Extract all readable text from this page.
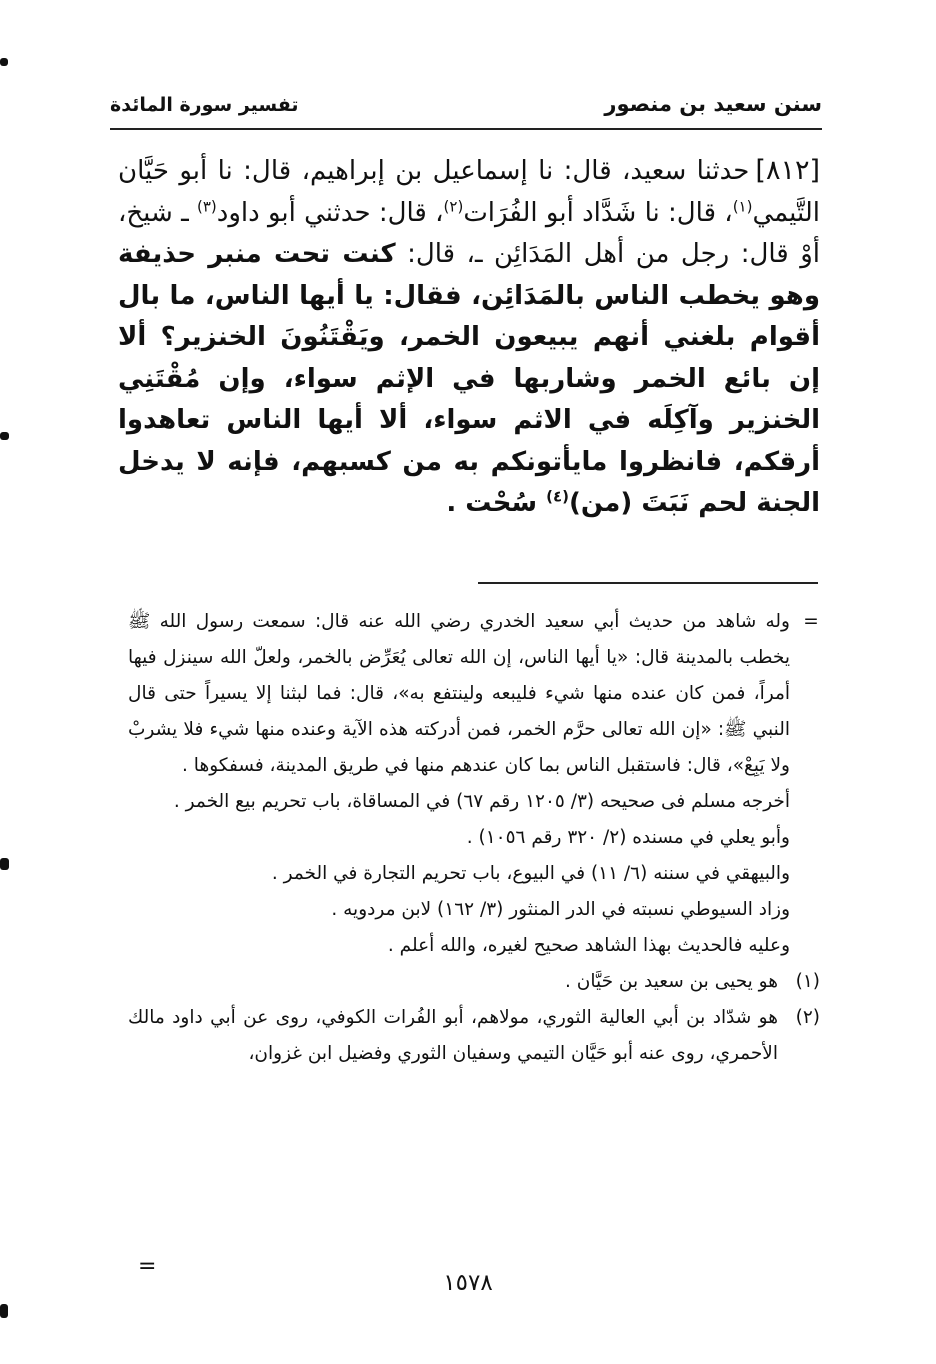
سنن سعيد بن منصور
تفسير سورة المائدة
[٨١٢]حدثنا سعيد، قال: نا إسماعيل بن إبراهيم، قال: نا أبو حَيَّان التَّيمي$^{(١)}$، قال: نا شَدَّاد أبو الفُرَات$^{(٢)}$، قال: حدثني أبو داود$^{(٣)}$ ـ شيخ، أوْ قال: رجل من أهل المَدَائِن ـ، قال: كنت تحت منبر حذيفة وهو يخطب الناس بالمَدَائِن، فقال: يا أيها الناس، ما بال أقوام بلغني أنهم يبيعون الخمر، ويَقْتَنُونَ الخنزير؟ ألا إن بائع الخمر وشاربها في الإثم سواء، وإن مُقْتَنِي الخنزير وآكِلَه في الاثم سواء، ألا أيها الناس تعاهدوا أرقكم، فانظروا مايأتونكم به من كسبهم، فإنه لا يدخل الجنة لحم نَبَتَ (من)$^{(٤)}$ سُحْت .

=
وله شاهد من حديث أبي سعيد الخدري رضي الله عنه قال: سمعت رسول الله ﷺ يخطب بالمدينة قال: «يا أيها الناس، إن الله تعالى يُعَرِّض بالخمر، ولعلّ الله سينزل فيها أمراً، فمن كان عنده منها شيء فليبعه ولينتفع به»، قال: فما لبثنا إلا يسيراً حتى قال النبي ﷺ: «إن الله تعالى حرَّم الخمر، فمن أدركته هذه الآية وعنده منها شيء فلا يشربْ ولا يَبِعْ»، قال: فاستقبل الناس بما كان عندهم منها في طريق المدينة، فسفكوها .

أخرجه مسلم فى صحيحه (٣/ ١٢٠٥ رقم ٦٧) في المساقاة، باب تحريم بيع الخمر .

وأبو يعلي في مسنده (٢/ ٣٢٠ رقم ١٠٥٦) .

والبيهقي في سننه (٦/ ١١) في البيوع، باب تحريم التجارة في الخمر .

وزاد السيوطي نسبته في الدر المنثور (٣/ ١٦٢) لابن مردويه .

وعليه فالحديث بهذا الشاهد صحيح لغيره، والله أعلم .

(١)
هو يحيى بن سعيد بن حَيَّان .

(٢)
هو شدّاد بن أبي العالية الثوري، مولاهم، أبو الفُرات الكوفي، روى عن أبي داود مالك الأحمري، روى عنه أبو حَيَّان التيمي وسفيان الثوري وفضيل ابن غزوان،

=
١٥٧٨
